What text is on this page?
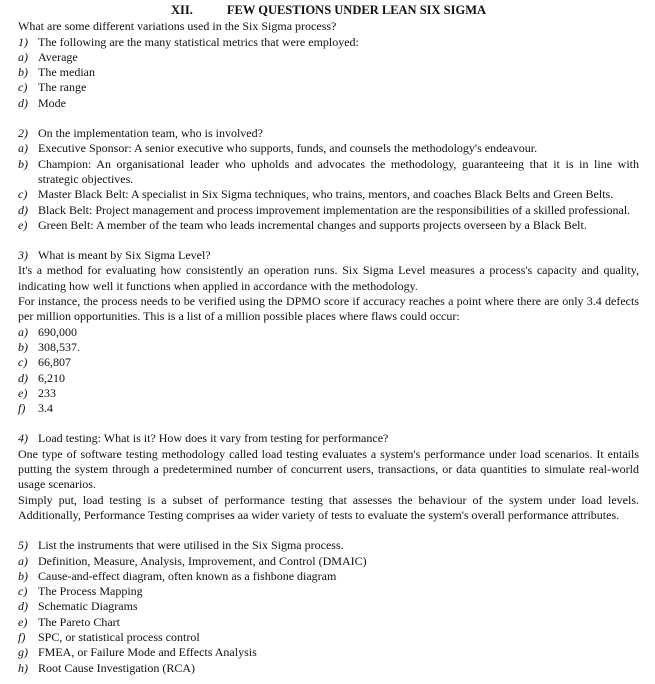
XII.	FEW QUESTIONS UNDER LEAN SIX SIGMA
What are some different variations used in the Six Sigma process?
1) The following are the many statistical metrics that were employed:
a) Average
b) The median
c) The range
d) Mode
2) On the implementation team, who is involved?
a) Executive Sponsor: A senior executive who supports, funds, and counsels the methodology's endeavour.
b) Champion: An organisational leader who upholds and advocates the methodology, guaranteeing that it is in line with strategic objectives.
c) Master Black Belt: A specialist in Six Sigma techniques, who trains, mentors, and coaches Black Belts and Green Belts.
d) Black Belt: Project management and process improvement implementation are the responsibilities of a skilled professional.
e) Green Belt: A member of the team who leads incremental changes and supports projects overseen by a Black Belt.
3) What is meant by Six Sigma Level?
It's a method for evaluating how consistently an operation runs. Six Sigma Level measures a process's capacity and quality, indicating how well it functions when applied in accordance with the methodology.
For instance, the process needs to be verified using the DPMO score if accuracy reaches a point where there are only 3.4 defects per million opportunities. This is a list of a million possible places where flaws could occur:
a) 690,000
b) 308,537.
c) 66,807
d) 6,210
e) 233
f)	3.4
4) Load testing: What is it? How does it vary from testing for performance?
One type of software testing methodology called load testing evaluates a system's performance under load scenarios. It entails putting the system through a predetermined number of concurrent users, transactions, or data quantities to simulate real-world usage scenarios.
Simply put, load testing is a subset of performance testing that assesses the behaviour of the system under load levels. Additionally, Performance Testing comprises aa wider variety of tests to evaluate the system's overall performance attributes.
5) List the instruments that were utilised in the Six Sigma process.
a) Definition, Measure, Analysis, Improvement, and Control (DMAIC)
b) Cause-and-effect diagram, often known as a fishbone diagram
c) The Process Mapping
d) Schematic Diagrams
e) The Pareto Chart
f)	SPC, or statistical process control
g) FMEA, or Failure Mode and Effects Analysis
h) Root Cause Investigation (RCA)
